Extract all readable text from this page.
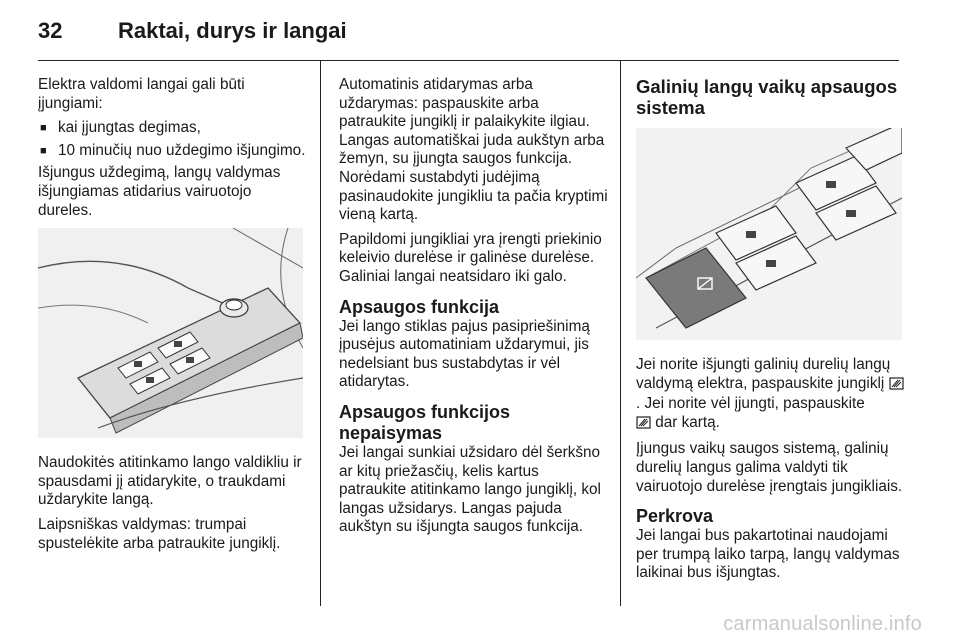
32	Raktai, durys ir langai

Elektra valdomi langai gali būti įjungiami:

■ kai įjungtas degimas,
■ 10 minučių nuo uždegimo išjungimo.

Išjungus uždegimą, langų valdymas išjungiamas atidarius vairuotojo dureles.

Naudokitės atitinkamo lango valdikliu ir spausdami jį atidarykite, o traukdami uždarykite langą.

Laipsniškas valdymas: trumpai spustelėkite arba patraukite jungiklį.

Automatinis atidarymas arba uždarymas: paspauskite arba patraukite jungiklį ir palaikykite ilgiau. Langas automatiškai juda aukštyn arba žemyn, su įjungta saugos funkcija. Norėdami sustabdyti judėjimą pasinaudokite jungikliu ta pačia kryptimi vieną kartą.

Papildomi jungikliai yra įrengti priekinio keleivio durelėse ir galinėse durelėse. Galiniai langai neatsidaro iki galo.

Apsaugos funkcija

Jei lango stiklas pajus pasipriešinimą įpusėjus automatiniam uždarymui, jis nedelsiant bus sustabdytas ir vėl atidarytas.

Apsaugos funkcijos nepaisymas

Jei langai sunkiai užsidaro dėl šerkšno ar kitų priežasčių, kelis kartus patraukite atitinkamo lango jungiklį, kol langas užsidarys. Langas pajuda aukštyn su išjungta saugos funkcija.

Galinių langų vaikų apsaugos sistema

Jei norite išjungti galinių durelių langų valdymą elektra, paspauskite jungiklį . Jei norite vėl įjungti, paspauskite
dar kartą.

Įjungus vaikų saugos sistemą, galinių durelių langus galima valdyti tik vairuotojo durelėse įrengtais jungikliais.

Perkrova

Jei langai bus pakartotinai naudojami per trumpą laiko tarpą, langų valdymas laikinai bus išjungtas.

carmanualsonline.info
